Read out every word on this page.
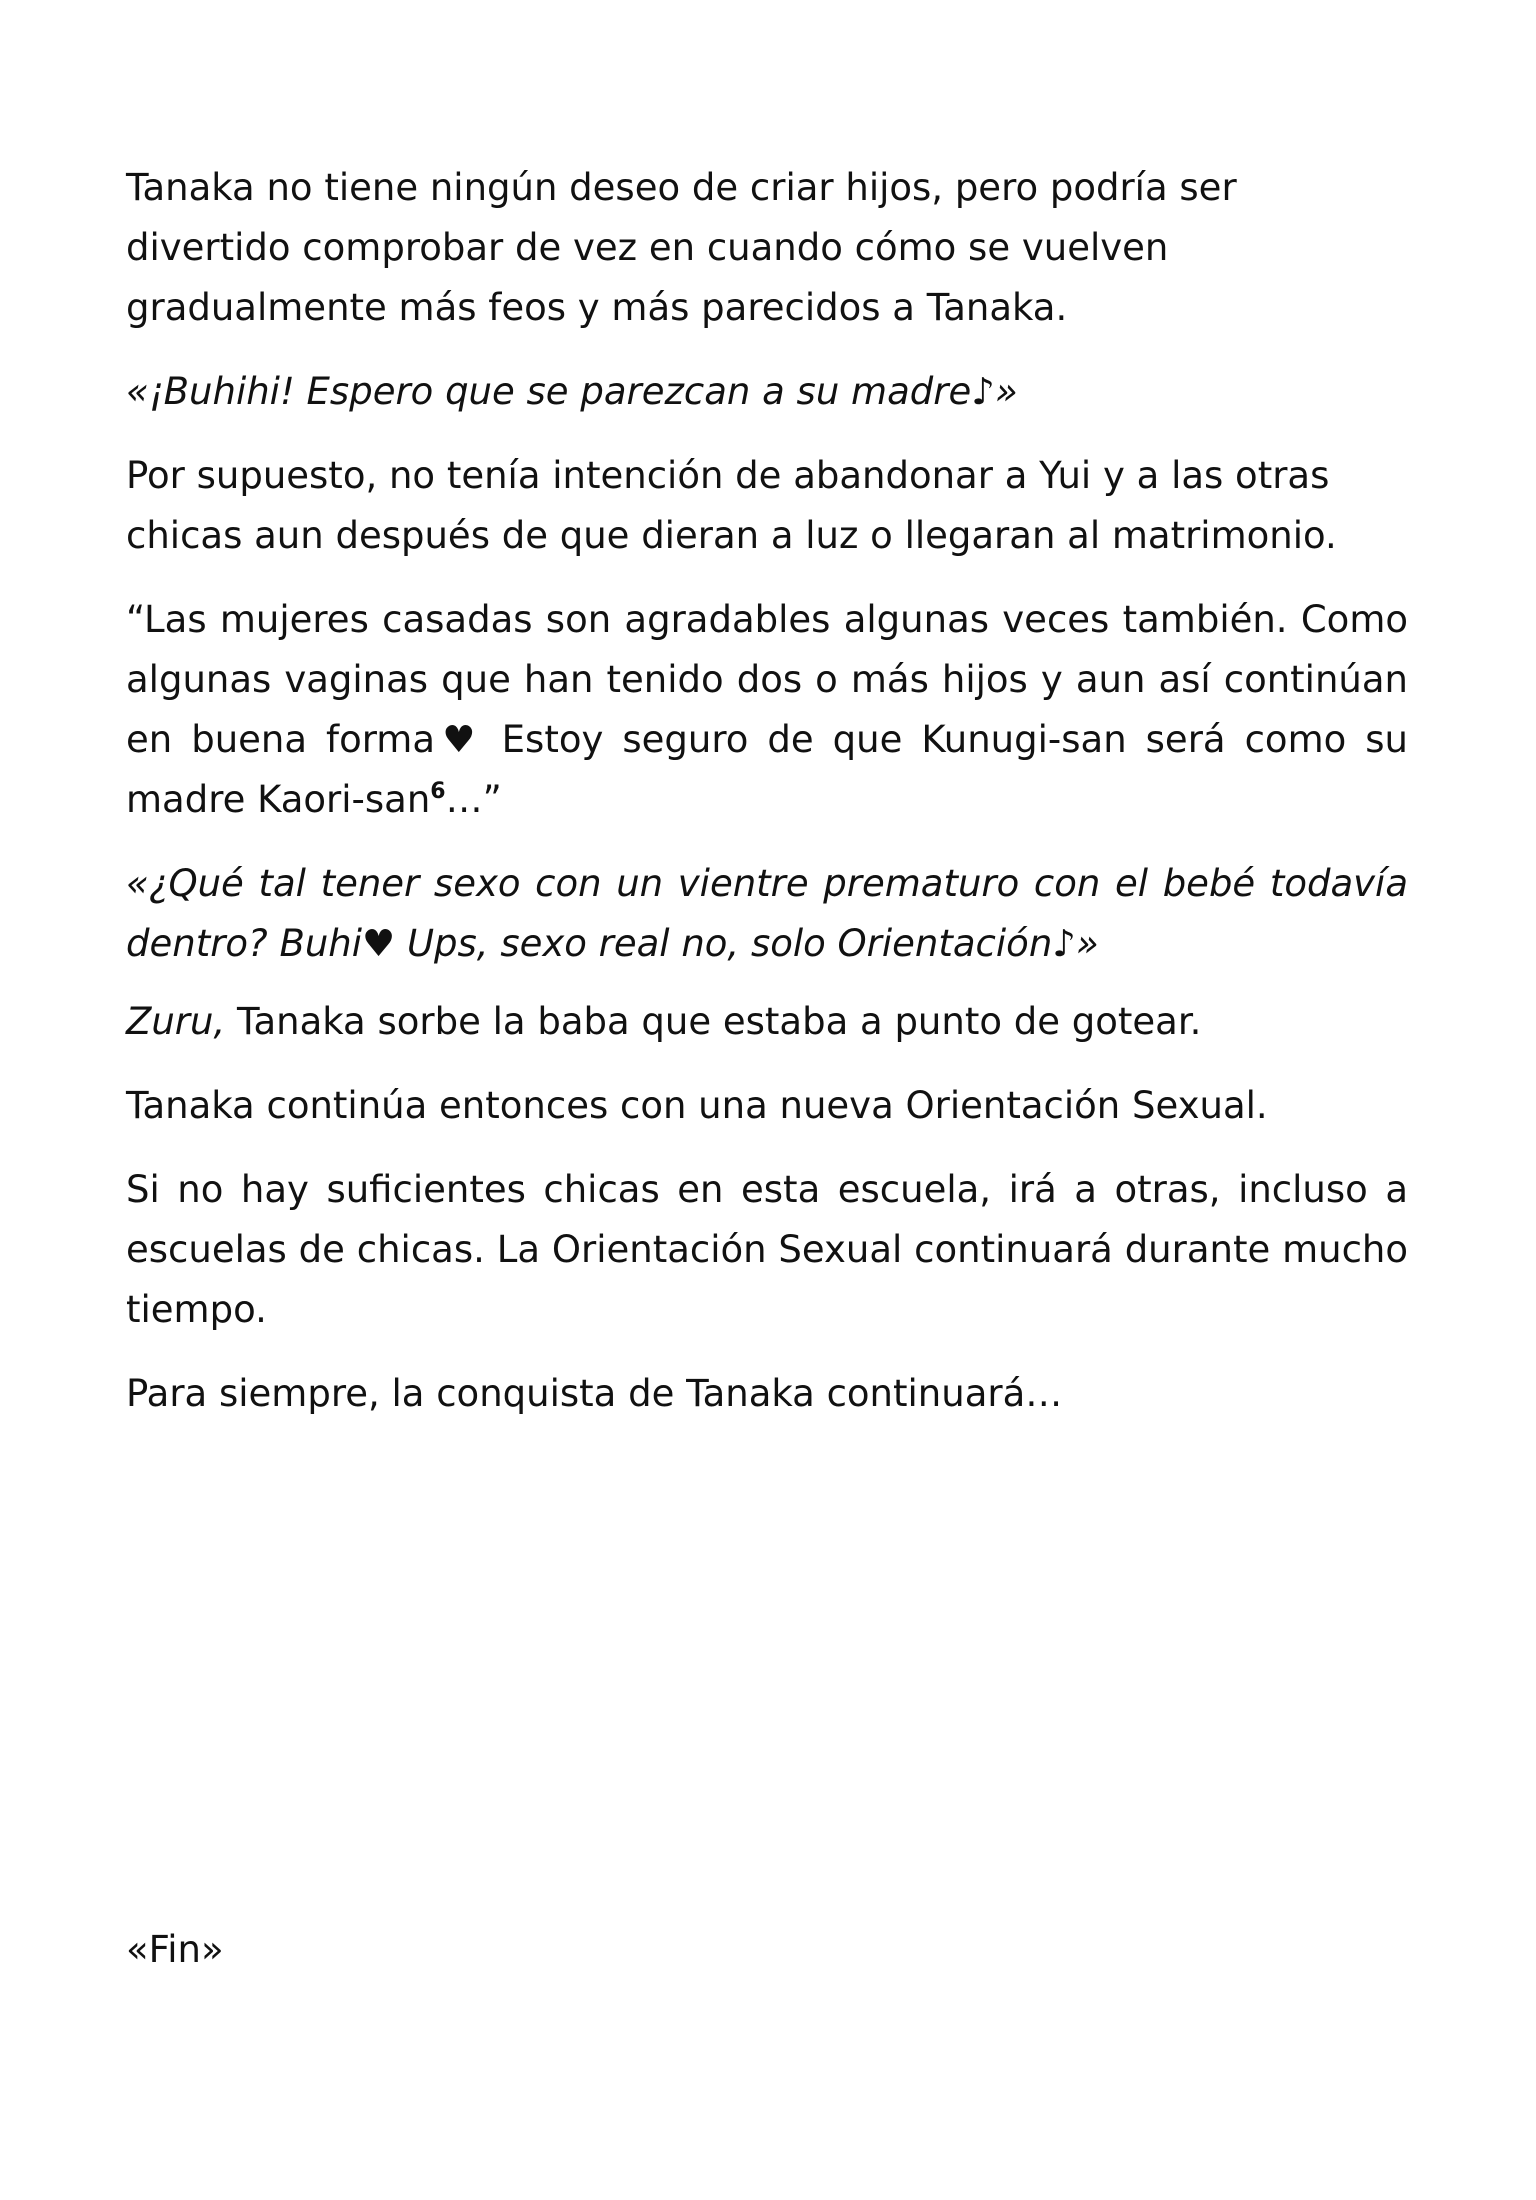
Tanaka no tiene ningún deseo de criar hijos, pero podría ser divertido comprobar de vez en cuando cómo se vuelven gradualmente más feos y más parecidos a Tanaka.

«¡Buhihi! Espero que se parezcan a su madre♪»

Por supuesto, no tenía intención de abandonar a Yui y a las otras chicas aun después de que dieran a luz o llegaran al matrimonio.

“Las mujeres casadas son agradables algunas veces también. Como algunas vaginas que han tenido dos o más hijos y aun así continúan en buena forma♥ Estoy seguro de que Kunugi-san será como su madre Kaori-san$^6$…”

«¿Qué tal tener sexo con un vientre prematuro con el bebé todavía dentro? Buhi♥ Ups, sexo real no, solo Orientación♪»

Zuru, Tanaka sorbe la baba que estaba a punto de gotear.

Tanaka continúa entonces con una nueva Orientación Sexual.

Si no hay suficientes chicas en esta escuela, irá a otras, incluso a escuelas de chicas. La Orientación Sexual continuará durante mucho tiempo.

Para siempre, la conquista de Tanaka continuará…

«Fin»
